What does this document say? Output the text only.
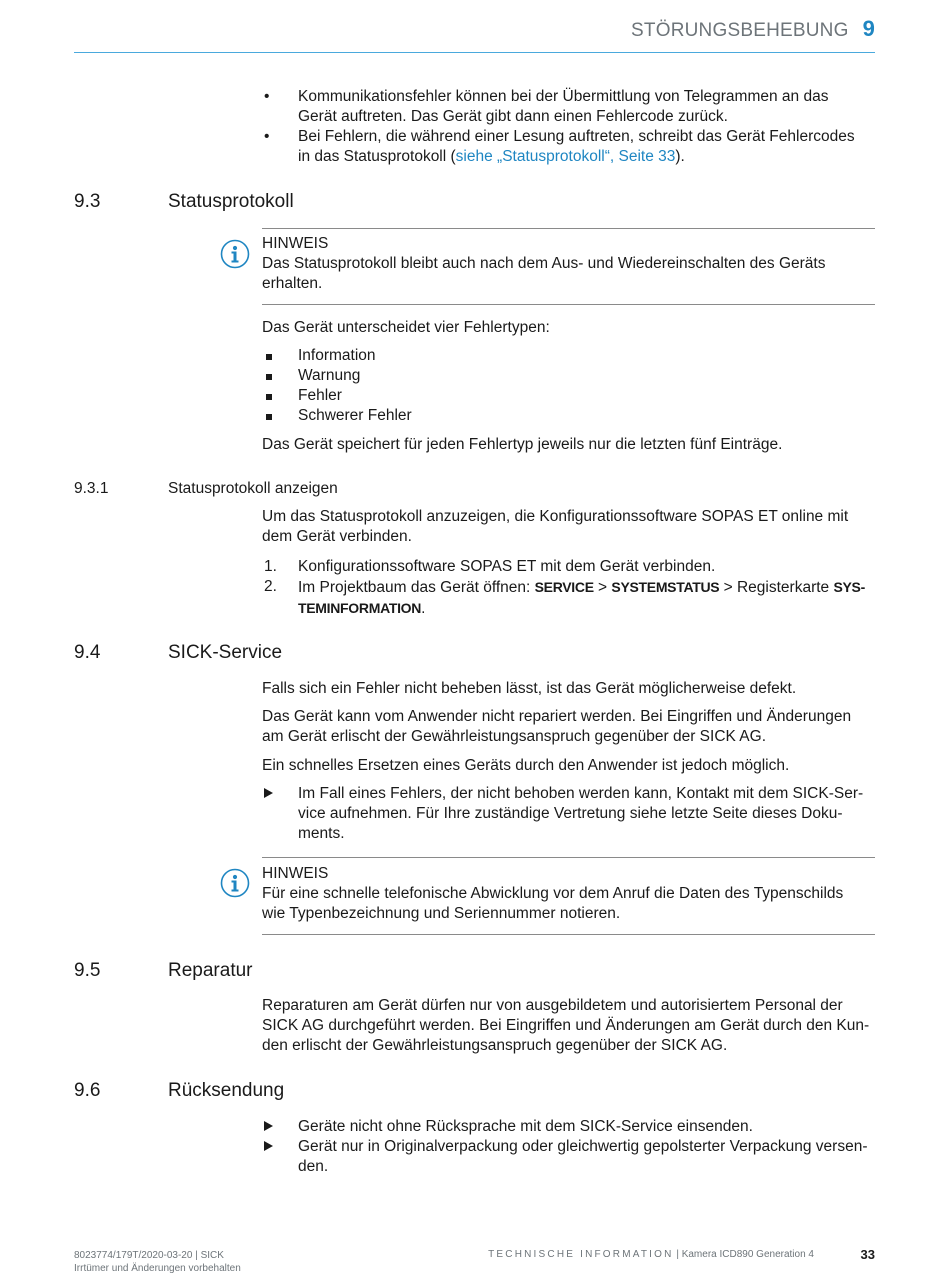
STÖRUNGSBEHEBUNG 9
• Kommunikationsfehler können bei der Übermittlung von Telegrammen an das
Gerät auftreten. Das Gerät gibt dann einen Fehlercode zurück.
• Bei Fehlern, die während einer Lesung auftreten, schreibt das Gerät Fehlercodes
in das Statusprotokoll (siehe „Statusprotokoll“, Seite 33).
9.3	Statusprotokoll
HINWEIS
Das Statusprotokoll bleibt auch nach dem Aus- und Wiedereinschalten des Geräts
erhalten.
Das Gerät unterscheidet vier Fehlertypen:
Information
Warnung
Fehler
Schwerer Fehler
Das Gerät speichert für jeden Fehlertyp jeweils nur die letzten fünf Einträge.
9.3.1	Statusprotokoll anzeigen
Um das Statusprotokoll anzuzeigen, die Konfigurationssoftware SOPAS ET online mit
dem Gerät verbinden.
1. Konfigurationssoftware SOPAS ET mit dem Gerät verbinden.
2. Im Projektbaum das Gerät öffnen: SERVICE > SYSTEMSTATUS > Registerkarte SYS-
TEMINFORMATION.
9.4	SICK-Service
Falls sich ein Fehler nicht beheben lässt, ist das Gerät möglicherweise defekt.
Das Gerät kann vom Anwender nicht repariert werden. Bei Eingriffen und Änderungen
am Gerät erlischt der Gewährleistungsanspruch gegenüber der SICK AG.
Ein schnelles Ersetzen eines Geräts durch den Anwender ist jedoch möglich.
Im Fall eines Fehlers, der nicht behoben werden kann, Kontakt mit dem SICK-Ser-
vice aufnehmen. Für Ihre zuständige Vertretung siehe letzte Seite dieses Doku-
ments.
HINWEIS
Für eine schnelle telefonische Abwicklung vor dem Anruf die Daten des Typenschilds
wie Typenbezeichnung und Seriennummer notieren.
9.5	Reparatur
Reparaturen am Gerät dürfen nur von ausgebildetem und autorisiertem Personal der
SICK AG durchgeführt werden. Bei Eingriffen und Änderungen am Gerät durch den Kun-
den erlischt der Gewährleistungsanspruch gegenüber der SICK AG.
9.6	Rücksendung
Geräte nicht ohne Rücksprache mit dem SICK-Service einsenden.
Gerät nur in Originalverpackung oder gleichwertig gepolsterter Verpackung versen-
den.
8023774/179T/2020-03-20 | SICK
Irrtümer und Änderungen vorbehalten
TECHNISCHE INFORMATION | Kamera ICD890 Generation 4	33
